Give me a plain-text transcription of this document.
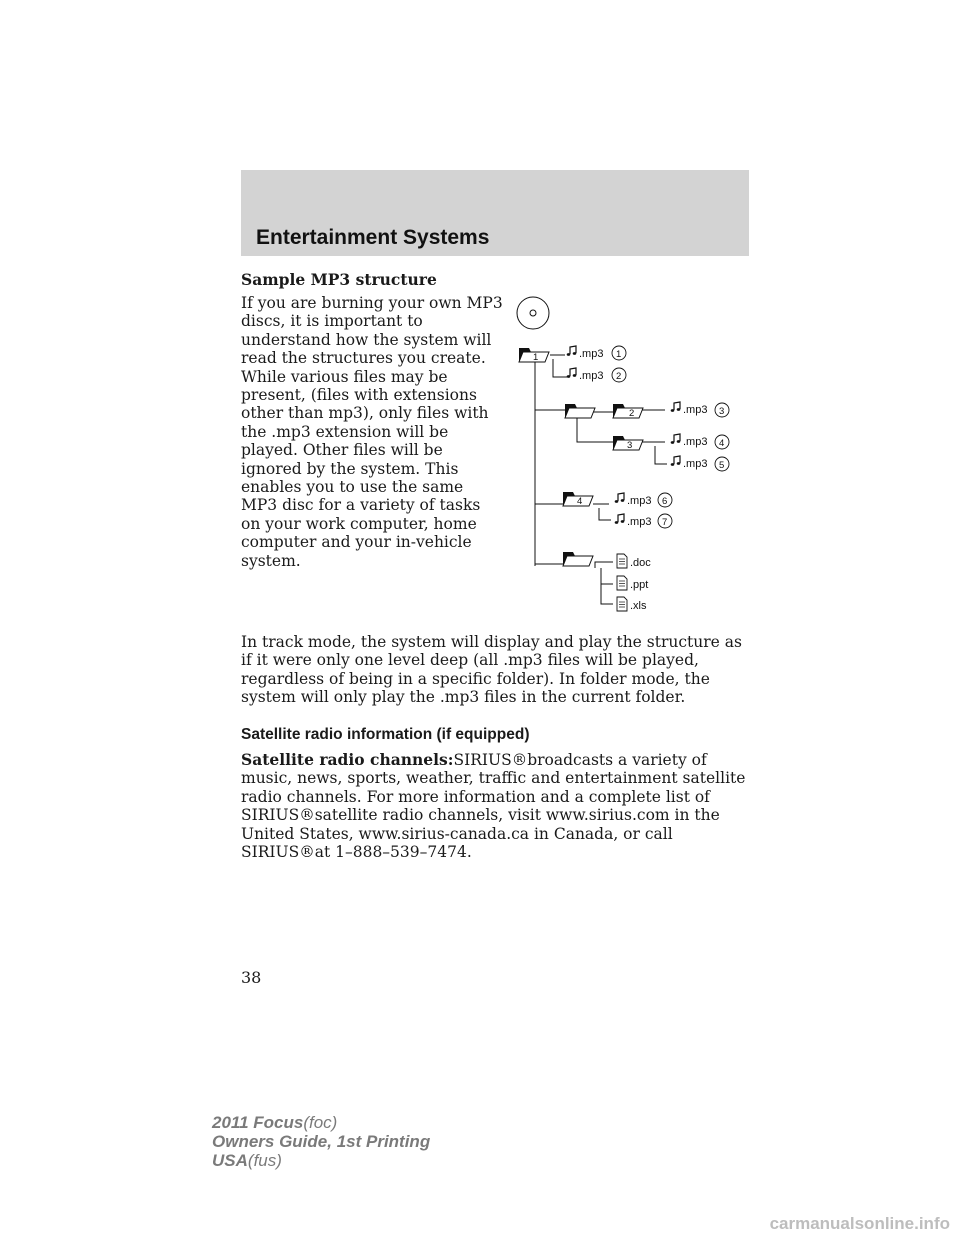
Entertainment Systems
Sample MP3 structure
If you are burning your own MP3 discs, it is important to understand how the system will read the structures you create. While various files may be present, (files with extensions other than mp3), only files with the .mp3 extension will be played. Other files will be ignored by the system. This enables you to use the same MP3 disc for a variety of tasks on your work computer, home computer and your in-vehicle system.
1
2
3
4
.mp3 1
.mp3 2
.mp3 3
.mp3 4
.mp3 5
.mp3 6
.mp3 7
.doc
.ppt
.xls

In track mode, the system will display and play the structure as if it were only one level deep (all .mp3 files will be played, regardless of being in a specific folder). In folder mode, the system will only play the .mp3 files in the current folder.

Satellite radio information (if equipped)

Satellite radio channels:SIRIUS®broadcasts a variety of music, news, sports, weather, traffic and entertainment satellite radio channels. For more information and a complete list of SIRIUS®satellite radio channels, visit www.sirius.com in the United States, www.sirius-canada.ca in Canada, or call SIRIUS®at 1–888–539–7474.

38
2011 Focus(foc)
Owners Guide, 1st Printing
USA(fus)
carmanualsonline.info
